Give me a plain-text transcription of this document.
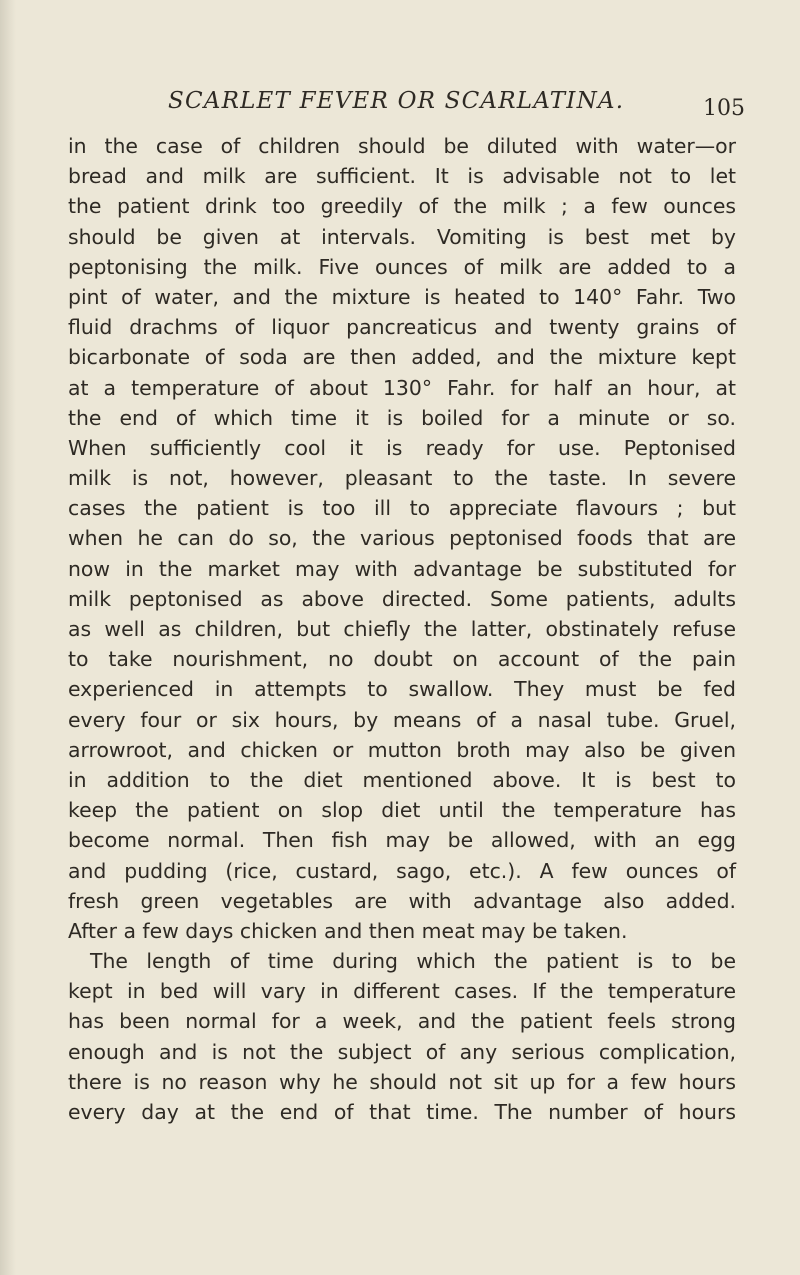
SCARLET FEVER OR SCARLATINA.	105
in the case of children should be diluted with water—or
bread and milk are sufficient. It is advisable not to let
the patient drink too greedily of the milk ; a few ounces
should be given at intervals. Vomiting is best met by
peptonising the milk. Five ounces of milk are added to a
pint of water, and the mixture is heated to 140° Fahr. Two
fluid drachms of liquor pancreaticus and twenty grains of
bicarbonate of soda are then added, and the mixture kept
at a temperature of about 130° Fahr. for half an hour, at
the end of which time it is boiled for a minute or so.
When sufficiently cool it is ready for use. Peptonised
milk is not, however, pleasant to the taste. In severe
cases the patient is too ill to appreciate flavours ; but
when he can do so, the various peptonised foods that are
now in the market may with advantage be substituted for
milk peptonised as above directed. Some patients, adults
as well as children, but chiefly the latter, obstinately refuse
to take nourishment, no doubt on account of the pain
experienced in attempts to swallow. They must be fed
every four or six hours, by means of a nasal tube. Gruel,
arrowroot, and chicken or mutton broth may also be given
in addition to the diet mentioned above. It is best to
keep the patient on slop diet until the temperature has
become normal. Then fish may be allowed, with an egg
and pudding (rice, custard, sago, etc.). A few ounces of
fresh green vegetables are with advantage also added.
After a few days chicken and then meat may be taken.
The length of time during which the patient is to be
kept in bed will vary in different cases. If the temperature
has been normal for a week, and the patient feels strong
enough and is not the subject of any serious complication,
there is no reason why he should not sit up for a few hours
every day at the end of that time. The number of hours
